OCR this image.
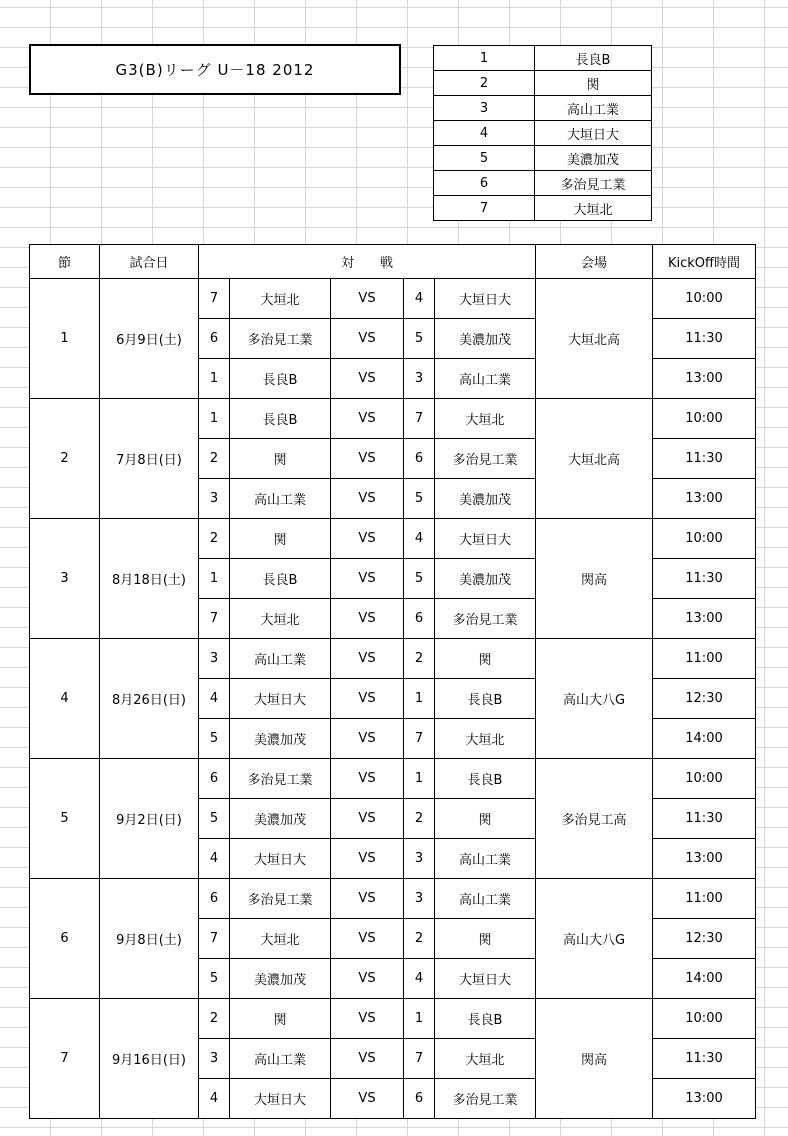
G3(B)リーグ U－18 2012
1	長良B
2	関
3	高山工業
4	大垣日大
5	美濃加茂
6	多治見工業
7	大垣北
節	試合日	対　　戦					会場	KickOff時間
1	6月9日(土)	7	大垣北	VS	4	大垣日大	大垣北高	10:00
		6	多治見工業	VS	5	美濃加茂		11:30
		1	長良B	VS	3	高山工業		13:00
2	7月8日(日)	1	長良B	VS	7	大垣北	大垣北高	10:00
		2	関	VS	6	多治見工業		11:30
		3	高山工業	VS	5	美濃加茂		13:00
3	8月18日(土)	2	関	VS	4	大垣日大	関高	10:00
		1	長良B	VS	5	美濃加茂		11:30
		7	大垣北	VS	6	多治見工業		13:00
4	8月26日(日)	3	高山工業	VS	2	関	高山大八G	11:00
		4	大垣日大	VS	1	長良B		12:30
		5	美濃加茂	VS	7	大垣北		14:00
5	9月2日(日)	6	多治見工業	VS	1	長良B	多治見工高	10:00
		5	美濃加茂	VS	2	関		11:30
		4	大垣日大	VS	3	高山工業		13:00
6	9月8日(土)	6	多治見工業	VS	3	高山工業	高山大八G	11:00
		7	大垣北	VS	2	関		12:30
		5	美濃加茂	VS	4	大垣日大		14:00
7	9月16日(日)	2	関	VS	1	長良B	関高	10:00
		3	高山工業	VS	7	大垣北		11:30
		4	大垣日大	VS	6	多治見工業		13:00
